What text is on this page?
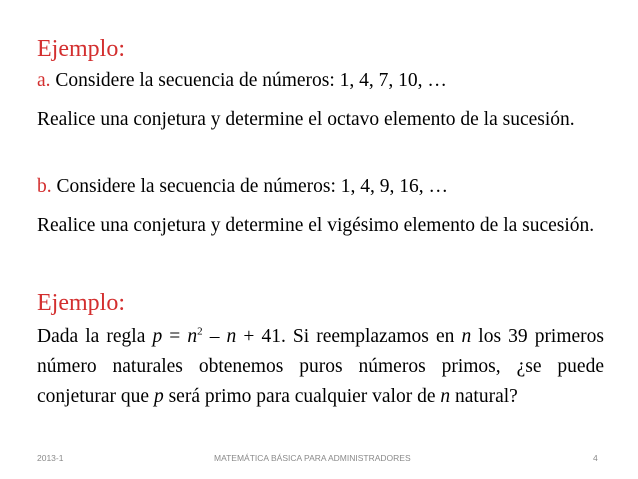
Ejemplo:

a. Considere la secuencia de números: 1, 4, 7, 10, …

Realice una conjetura y determine el octavo elemento de la sucesión.

b. Considere la secuencia de números: 1, 4, 9, 16, …

Realice una conjetura y determine el vigésimo elemento de la sucesión.

Ejemplo:

Dada la regla $p = n^2 - n + 41$. Si reemplazamos en n los 39 primeros número naturales obtenemos puros números primos, ¿se puede conjeturar que p será primo para cualquier valor de n natural?

2013-1	MATEMÁTICA BÁSICA PARA ADMINISTRADORES	4
